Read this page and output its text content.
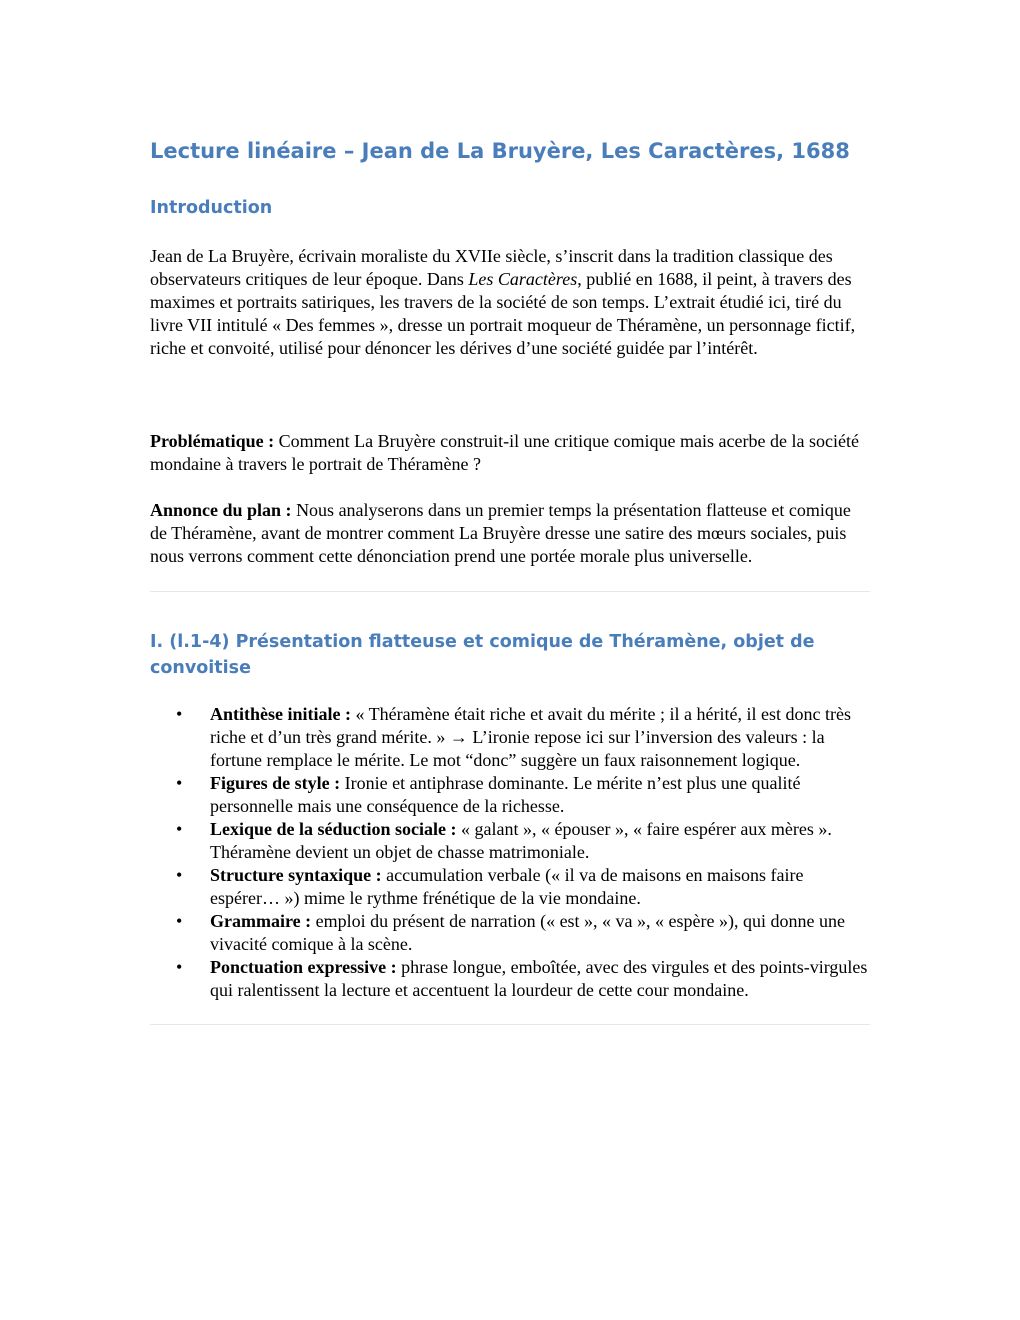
Lecture linéaire – Jean de La Bruyère, Les Caractères, 1688
Introduction

Jean de La Bruyère, écrivain moraliste du XVIIe siècle, s’inscrit dans la tradition classique des observateurs critiques de leur époque. Dans Les Caractères, publié en 1688, il peint, à travers des maximes et portraits satiriques, les travers de la société de son temps. L’extrait étudié ici, tiré du livre VII intitulé « Des femmes », dresse un portrait moqueur de Théramène, un personnage fictif, riche et convoité, utilisé pour dénoncer les dérives d’une société guidée par l’intérêt.

Problématique : Comment La Bruyère construit-il une critique comique mais acerbe de la société mondaine à travers le portrait de Théramène ?

Annonce du plan : Nous analyserons dans un premier temps la présentation flatteuse et comique de Théramène, avant de montrer comment La Bruyère dresse une satire des mœurs sociales, puis nous verrons comment cette dénonciation prend une portée morale plus universelle.

I. (l.1-4) Présentation flatteuse et comique de Théramène, objet de convoitise
• Antithèse initiale : « Théramène était riche et avait du mérite ; il a hérité, il est donc très riche et d’un très grand mérite. » → L’ironie repose ici sur l’inversion des valeurs : la fortune remplace le mérite. Le mot “donc” suggère un faux raisonnement logique.
• Figures de style : Ironie et antiphrase dominante. Le mérite n’est plus une qualité personnelle mais une conséquence de la richesse.
• Lexique de la séduction sociale : « galant », « épouser », « faire espérer aux mères ». Théramène devient un objet de chasse matrimoniale.
• Structure syntaxique : accumulation verbale (« il va de maisons en maisons faire espérer… ») mime le rythme frénétique de la vie mondaine.
• Grammaire : emploi du présent de narration (« est », « va », « espère »), qui donne une vivacité comique à la scène.
• Ponctuation expressive : phrase longue, emboîtée, avec des virgules et des points-virgules qui ralentissent la lecture et accentuent la lourdeur de cette cour mondaine.
